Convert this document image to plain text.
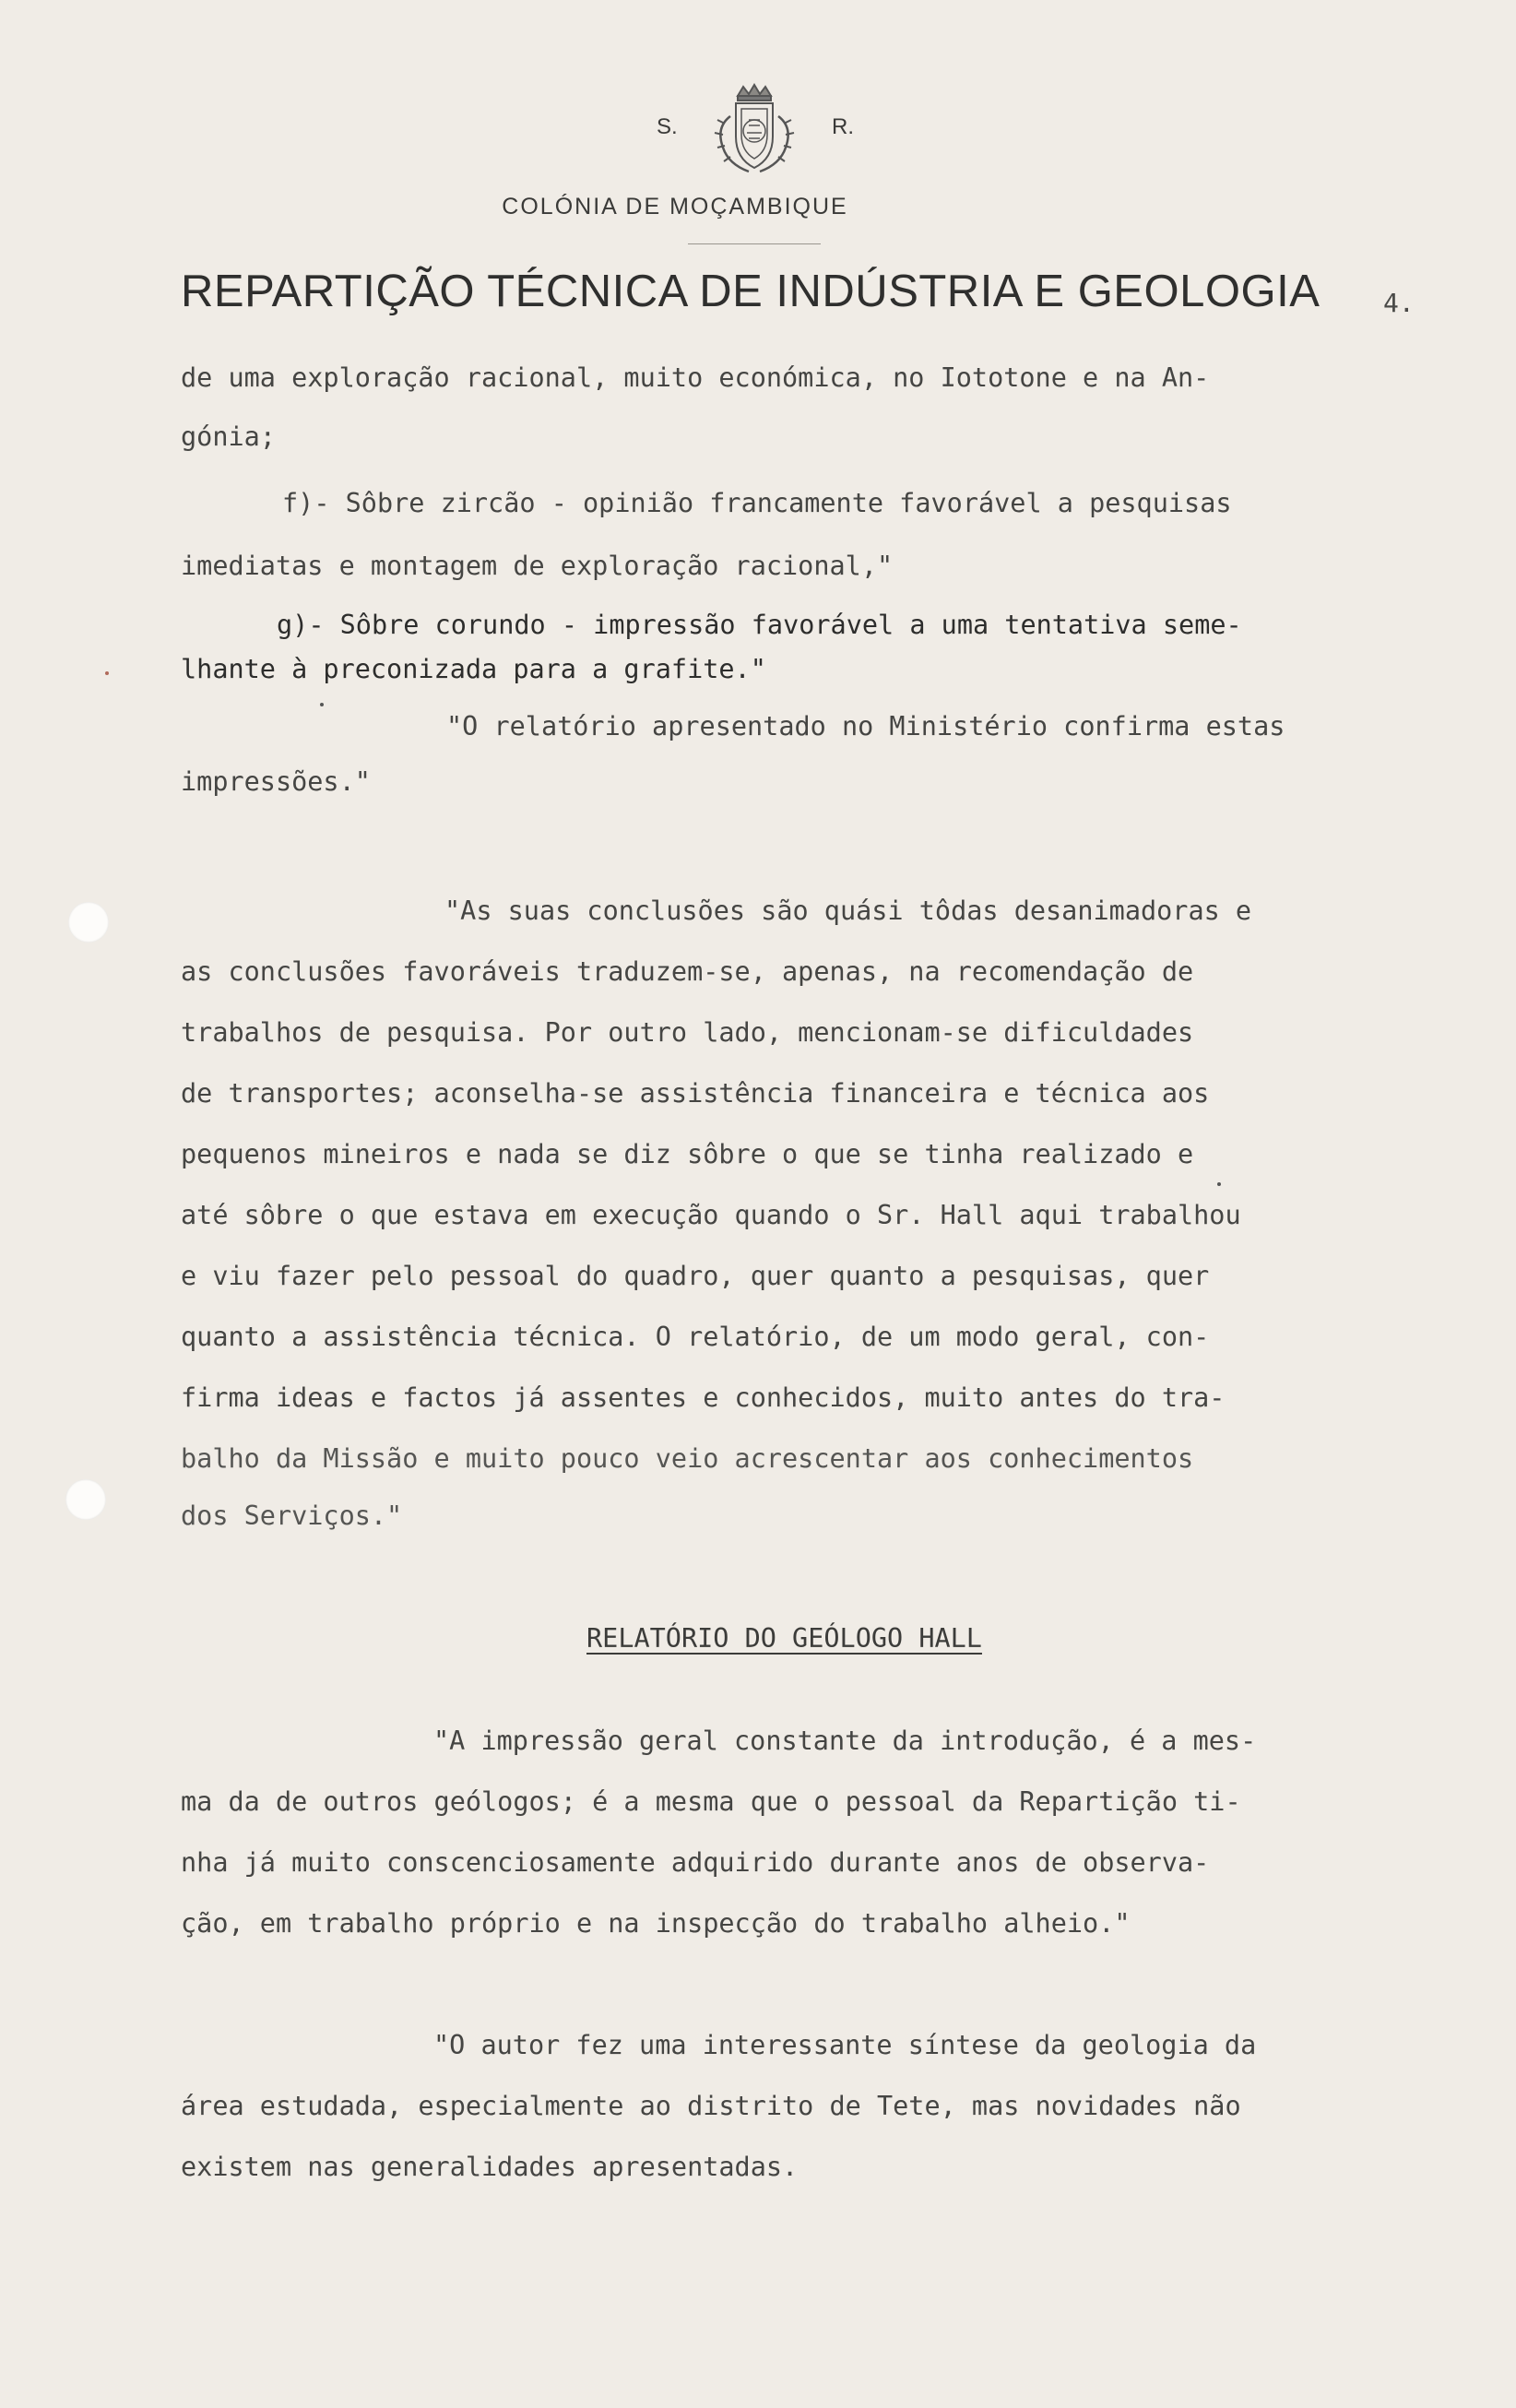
S.	R.
COLÓNIA DE MOÇAMBIQUE
REPARTIÇÃO TÉCNICA DE INDÚSTRIA E GEOLOGIA 4.
de uma exploração racional, muito económica, no Iototone e na An-
gónia;
f)- Sôbre zircão - opinião francamente favorável a pesquisas
imediatas e montagem de exploração racional,"
g)- Sôbre corundo - impressão favorável a uma tentativa seme-
lhante à preconizada para a grafite."
"O relatório apresentado no Ministério confirma estas
impressões."
"As suas conclusões são quási tôdas desanimadoras e
as conclusões favoráveis traduzem-se, apenas, na recomendação de
trabalhos de pesquisa. Por outro lado, mencionam-se dificuldades
de transportes; aconselha-se assistência financeira e técnica aos
pequenos mineiros e nada se diz sôbre o que se tinha realizado e
até sôbre o que estava em execução quando o Sr. Hall aqui trabalhou
e viu fazer pelo pessoal do quadro, quer quanto a pesquisas, quer
quanto a assistência técnica. O relatório, de um modo geral, con-
firma ideas e factos já assentes e conhecidos, muito antes do tra-
balho da Missão e muito pouco veio acrescentar aos conhecimentos
dos Serviços."
RELATÓRIO DO GEÓLOGO HALL
"A impressão geral constante da introdução, é a mes-
ma da de outros geólogos; é a mesma que o pessoal da Repartição ti-
nha já muito conscenciosamente adquirido durante anos de observa-
ção, em trabalho próprio e na inspecção do trabalho alheio."
"O autor fez uma interessante síntese da geologia da
área estudada, especialmente ao distrito de Tete, mas novidades não
existem nas generalidades apresentadas.
